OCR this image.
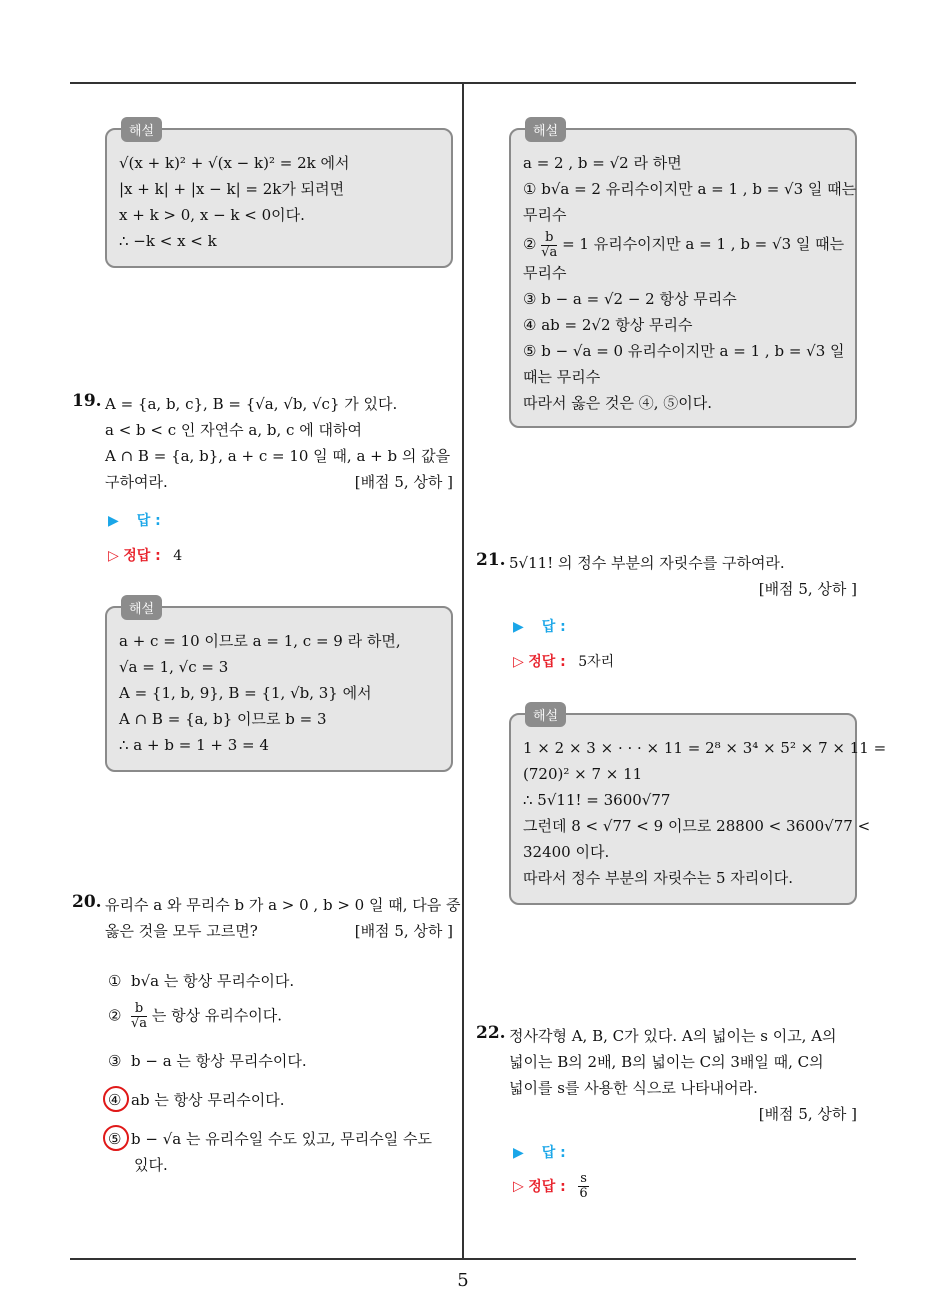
해설
√(x + k)² + √(x − k)² = 2k 에서
|x + k| + |x − k| = 2k가 되려면
x + k > 0, x − k < 0이다.
∴ −k < x < k
19. A = {a, b, c}, B = {√a, √b, √c} 가 있다.
a < b < c 인 자연수 a, b, c 에 대하여
A ∩ B = {a, b}, a + c = 10 일 때, a + b 의 값을
구하여라.	[배점 5, 상하 ]
▶ 답 :
▷ 정답 : 4
해설
a + c = 10 이므로 a = 1, c = 9 라 하면,
√a = 1, √c = 3
A = {1, b, 9}, B = {1, √b, 3} 에서
A ∩ B = {a, b} 이므로 b = 3
∴ a + b = 1 + 3 = 4
20. 유리수 a 와 무리수 b 가 a > 0 , b > 0 일 때, 다음 중
옳은 것을 모두 고르면?	[배점 5, 상하 ]
① b√a 는 항상 무리수이다.
② $\frac{b}{√a}$ 는 항상 유리수이다.
③ b − a 는 항상 무리수이다.
④ ab 는 항상 무리수이다.
⑤ b − √a 는 유리수일 수도 있고, 무리수일 수도
있다.
해설
a = 2 , b = √2 라 하면
① b√a = 2 유리수이지만 a = 1 , b = √3 일 때는
무리수
② $\frac{b}{√a} = 1$ 유리수이지만 a = 1 , b = √3 일 때는
무리수
③ b − a = √2 − 2 항상 무리수
④ ab = 2√2 항상 무리수
⑤ b − √a = 0 유리수이지만 a = 1 , b = √3 일
때는 무리수
따라서 옳은 것은 ④, ⑤이다.
21. 5√11! 의 정수 부분의 자릿수를 구하여라.
[배점 5, 상하 ]
▶ 답 :
▷ 정답 : 5자리
해설
1 × 2 × 3 × · · · × 11 = 2⁸ × 3⁴ × 5² × 7 × 11 =
(720)² × 7 × 11
∴ 5√11! = 3600√77
그런데 8 < √77 < 9 이므로 28800 < 3600√77 <
32400 이다.
따라서 정수 부분의 자릿수는 5 자리이다.
22. 정사각형 A, B, C가 있다. A의 넓이는 s 이고, A의
넓이는 B의 2배, B의 넓이는 C의 3배일 때, C의
넓이를 s를 사용한 식으로 나타내어라.
[배점 5, 상하 ]
▶ 답 :
▷ 정답 : $\frac{s}{6}$
5
